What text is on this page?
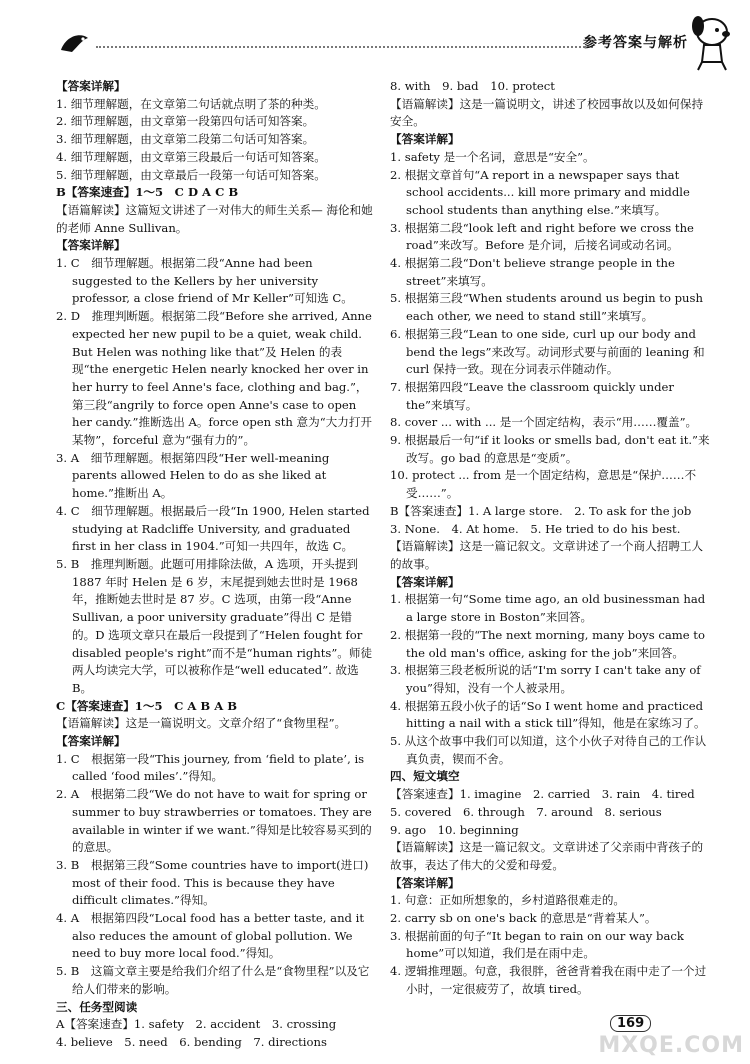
参考答案与解析

【答案详解】

1. 细节理解题，在文章第二句话就点明了茶的种类。

2. 细节理解题，由文章第一段第四句话可知答案。

3. 细节理解题，由文章第二段第二句话可知答案。

4. 细节理解题，由文章第三段最后一句话可知答案。

5. 细节理解题，由文章最后一段第一句话可知答案。

B【答案速查】1～5　C D A C B

【语篇解读】这篇短文讲述了一对伟大的师生关系— 海伦和她的老师 Anne Sullivan。

【答案详解】

1. C　细节理解题。根据第二段“Anne had been suggested to the Kellers by her university professor, a close friend of Mr Keller”可知选 C。

2. D　推理判断题。根据第二段“Before she arrived, Anne expected her new pupil to be a quiet, weak child. But Helen was nothing like that”及 Helen 的表现“the energetic Helen nearly knocked her over in her hurry to feel Anne's face, clothing and bag.”，第三段“angrily to force open Anne's case to open her candy.”推断选出 A。force open sth 意为“大力打开某物”，forceful 意为“强有力的”。

3. A　细节理解题。根据第四段“Her well-meaning parents allowed Helen to do as she liked at home.”推断出 A。

4. C　细节理解题。根据最后一段“In 1900, Helen started studying at Radcliffe University, and graduated first in her class in 1904.”可知一共四年，故选 C。

5. B　推理判断题。此题可用排除法做，A 选项，开头提到 1887 年时 Helen 是 6 岁，末尾提到她去世时是 1968 年，推断她去世时是 87 岁。C 选项，由第一段“Anne Sullivan, a poor university graduate”得出 C 是错的。D 选项文章只在最后一段提到了“Helen fought for disabled people's right”而不是“human rights”。师徒两人均读完大学，可以被称作是“well educated”. 故选 B。

C【答案速查】1～5　C A B A B

【语篇解读】这是一篇说明文。文章介绍了“食物里程”。

【答案详解】

1. C　根据第一段“This journey, from ‘field to plate’, is called ‘food miles’.”得知。

2. A　根据第二段“We do not have to wait for spring or summer to buy strawberries or tomatoes. They are available in winter if we want.”得知是比较容易买到的的意思。

3. B　根据第三段“Some countries have to import(进口) most of their food. This is because they have difficult climates.”得知。

4. A　根据第四段“Local food has a better taste, and it also reduces the amount of global pollution. We need to buy more local food.”得知。

5. B　这篇文章主要是给我们介绍了什么是“食物里程”以及它给人们带来的影响。

三、任务型阅读

A【答案速查】1. safety　2. accident　3. crossing

4. believe　5. need　6. bending　7. directions

8. with　9. bad　10. protect

【语篇解读】这是一篇说明文，讲述了校园事故以及如何保持安全。

【答案详解】

1. safety 是一个名词，意思是“安全”。

2. 根据文章首句“A report in a newspaper says that school accidents... kill more primary and middle school students than anything else.”来填写。

3. 根据第二段“look left and right before we cross the road”来改写。Before 是介词，后接名词或动名词。

4. 根据第二段“Don't believe strange people in the street”来填写。

5. 根据第三段“When students around us begin to push each other, we need to stand still”来填写。

6. 根据第三段“Lean to one side, curl up our body and bend the legs”来改写。动词形式要与前面的 leaning 和 curl 保持一致。现在分词表示伴随动作。

7. 根据第四段“Leave the classroom quickly under the”来填写。

8. cover ... with ... 是一个固定结构，表示“用……覆盖”。

9. 根据最后一句“if it looks or smells bad, don't eat it.”来改写。go bad 的意思是“变质”。

10. protect ... from 是一个固定结构，意思是“保护……不受……”。

B【答案速查】1. A large store.　2. To ask for the job

3. None.　4. At home.　5. He tried to do his best.

【语篇解读】这是一篇记叙文。文章讲述了一个商人招聘工人的故事。

【答案详解】

1. 根据第一句“Some time ago, an old businessman had a large store in Boston”来回答。

2. 根据第一段的“The next morning, many boys came to the old man's office, asking for the job”来回答。

3. 根据第三段老板所说的话“I'm sorry I can't take any of you”得知，没有一个人被录用。

4. 根据第五段小伙子的话“So I went home and practiced hitting a nail with a stick till”得知，他是在家练习了。

5. 从这个故事中我们可以知道，这个小伙子对待自己的工作认真负责，锲而不舍。

四、短文填空

【答案速查】1. imagine　2. carried　3. rain　4. tired

5. covered　6. through　7. around　8. serious

9. ago　10. beginning

【语篇解读】这是一篇记叙文。文章讲述了父亲雨中背孩子的故事，表达了伟大的父爱和母爱。

【答案详解】

1. 句意：正如所想象的，乡村道路很难走的。

2. carry sb on one's back 的意思是“背着某人”。

3. 根据前面的句子“It began to rain on our way back home”可以知道，我们是在雨中走。

4. 逻辑推理题。句意，我很胖，爸爸背着我在雨中走了一个过小时，一定很疲劳了，故填 tired。

169
MXQE.COM
